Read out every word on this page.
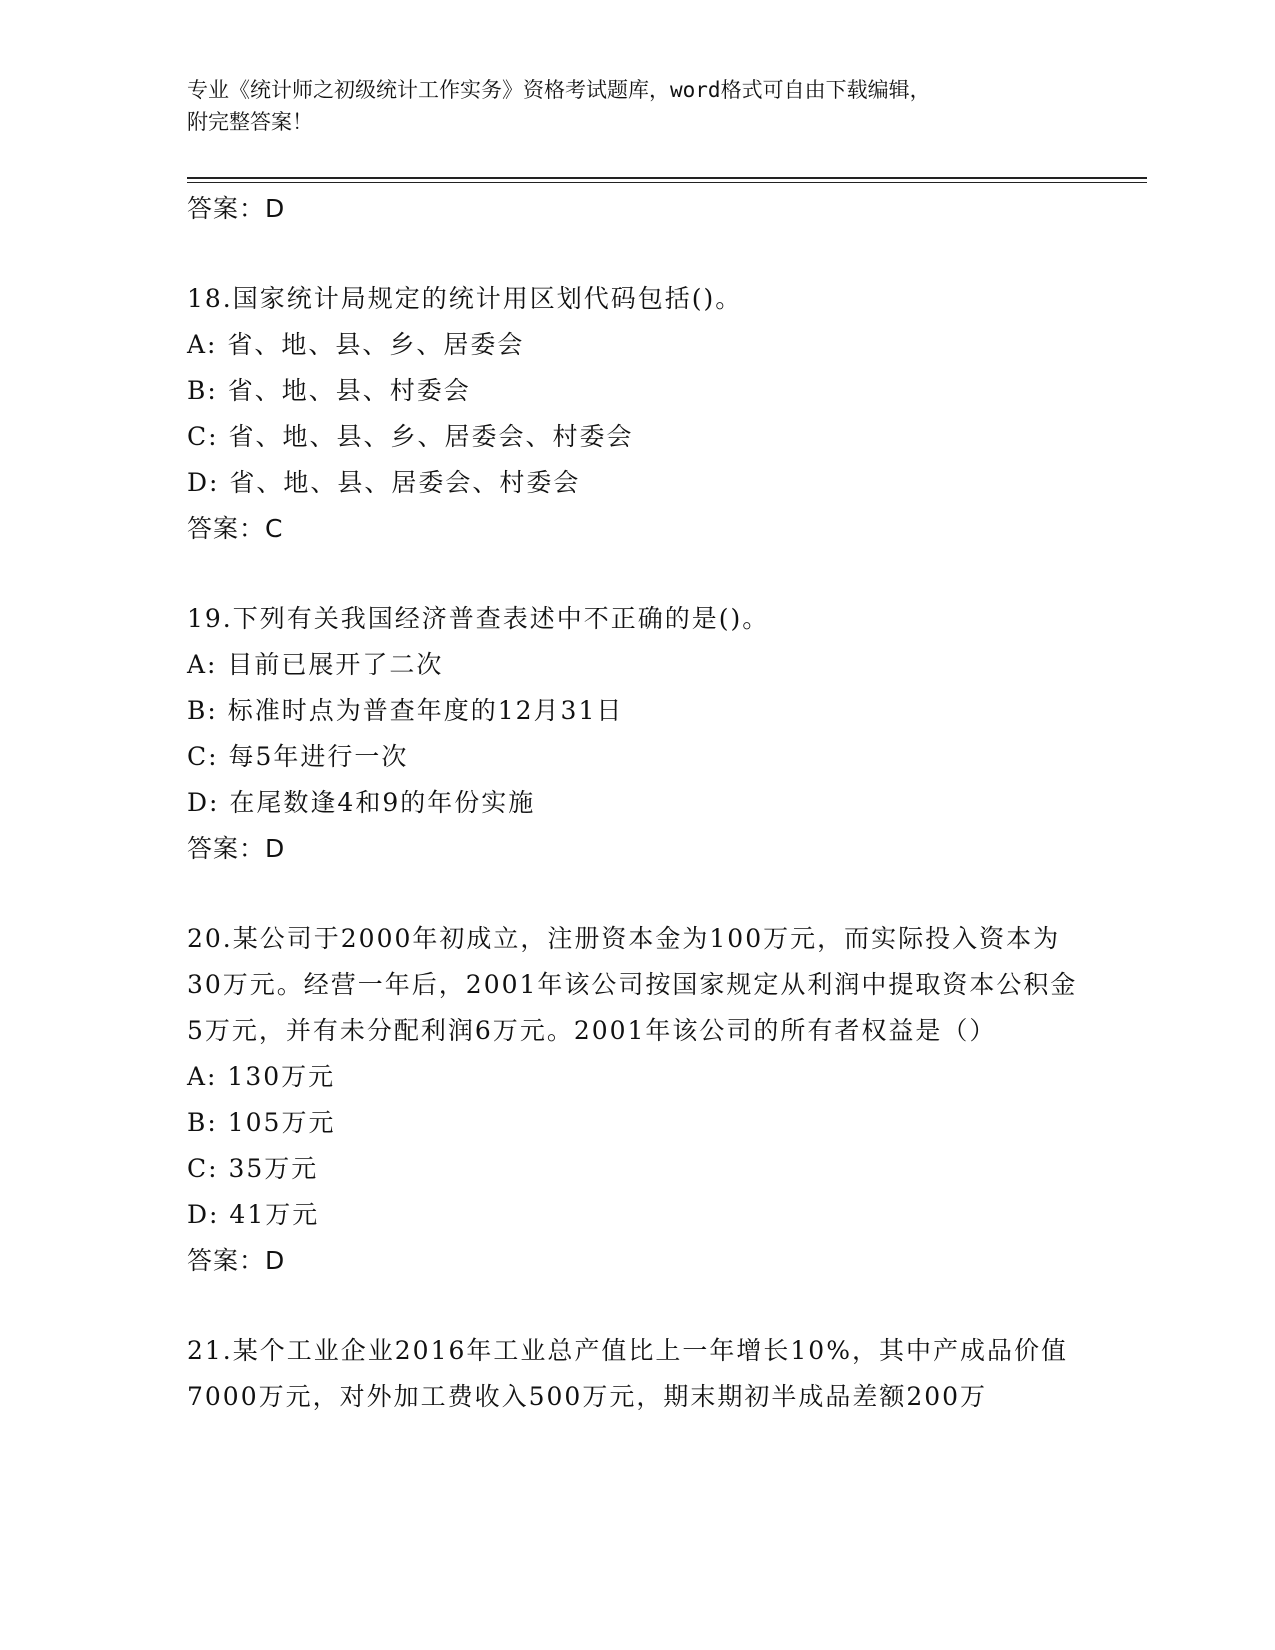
专业《统计师之初级统计工作实务》资格考试题库，word格式可自由下载编辑，
附完整答案！

答案：D

18.国家统计局规定的统计用区划代码包括()。

A: 省、地、县、乡、居委会

B: 省、地、县、村委会

C: 省、地、县、乡、居委会、村委会

D: 省、地、县、居委会、村委会

答案：C

19.下列有关我国经济普查表述中不正确的是()。

A: 目前已展开了二次

B: 标准时点为普查年度的12月31日

C: 每5年进行一次

D: 在尾数逢4和9的年份实施

答案：D

20.某公司于2000年初成立，注册资本金为100万元，而实际投入资本为30万元。经营一年后，2001年该公司按国家规定从利润中提取资本公积金5万元，并有未分配利润6万元。2001年该公司的所有者权益是（）

A: 130万元

B: 105万元

C: 35万元

D: 41万元

答案：D

21.某个工业企业2016年工业总产值比上一年增长10%，其中产成品价值7000万元，对外加工费收入500万元，期末期初半成品差额200万
